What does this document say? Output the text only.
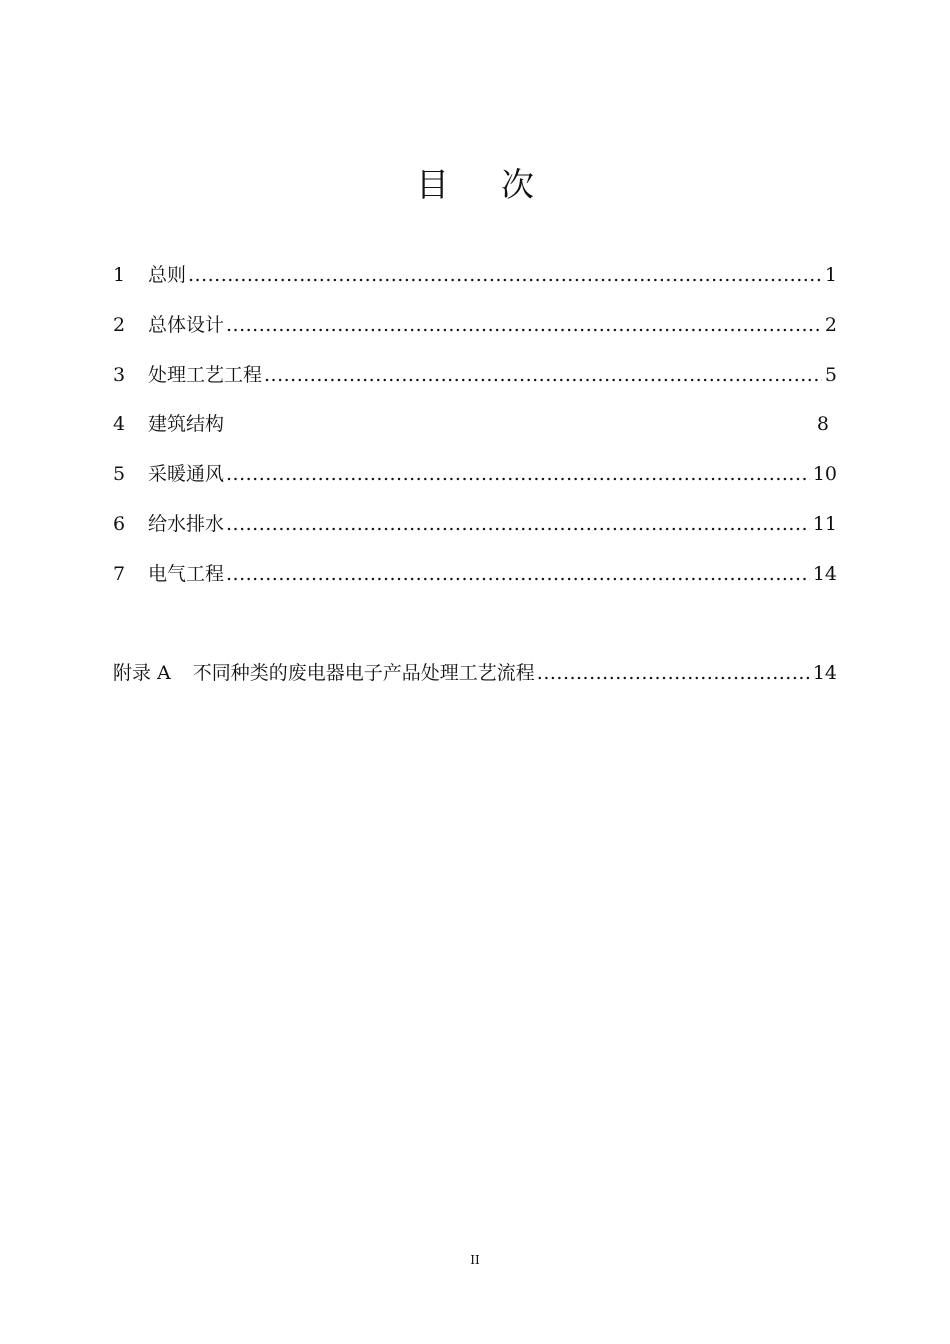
目 次
1	总则 .....	1
2	总体设计 .....	2
3	处理工艺工程 .....	5
4	建筑结构	8
5	采暖通风 .....	10
6	给水排水 .....	11
7	电气工程 .....	14
附录 A	不同种类的废电器电子产品处理工艺流程 .....	14
II
